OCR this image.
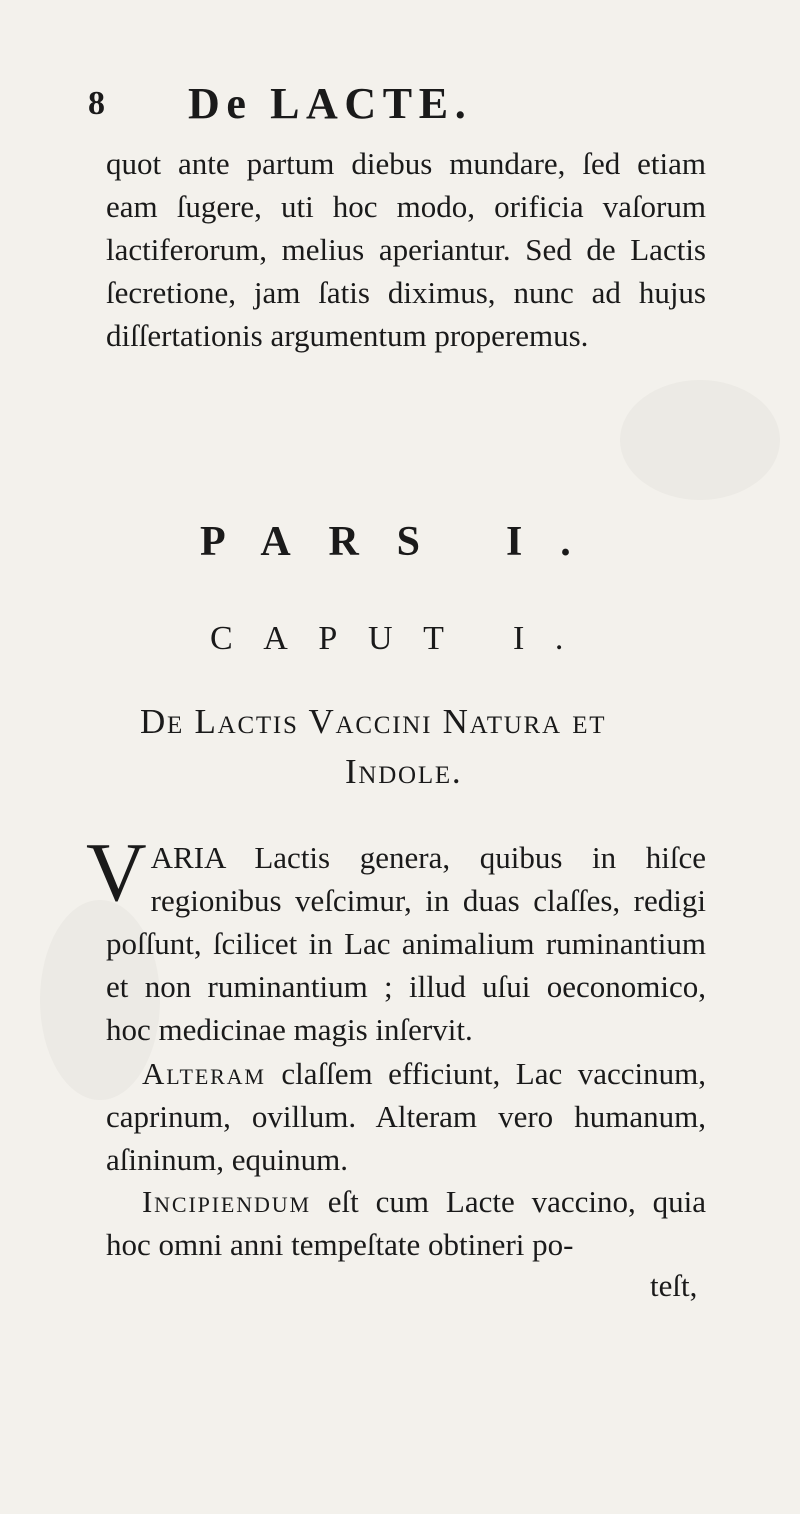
8 De LACTE.

quot ante partum diebus mundare, ſed etiam eam ſugere, uti hoc modo, orificia vaſorum lactiferorum, melius aperiantur. Sed de Lactis ſecretione, jam ſatis diximus, nunc ad hujus diſſertationis argumentum properemus.

PARS I.
CAPUT I.
De Lactis Vaccini Natura et
Indole.

VARIA Lactis genera, quibus in hiſce regionibus veſcimur, in duas claſſes, redigi poſſunt, ſcilicet in Lac animalium ruminantium et non ruminantium ; illud uſui oeconomico, hoc medicinae magis inſervit.

Alteram claſſem efficiunt, Lac vaccinum, caprinum, ovillum. Alteram vero humanum, aſininum, equinum.

Incipiendum eſt cum Lacte vaccino, quia hoc omni anni tempeſtate obtineri po-

teſt,
